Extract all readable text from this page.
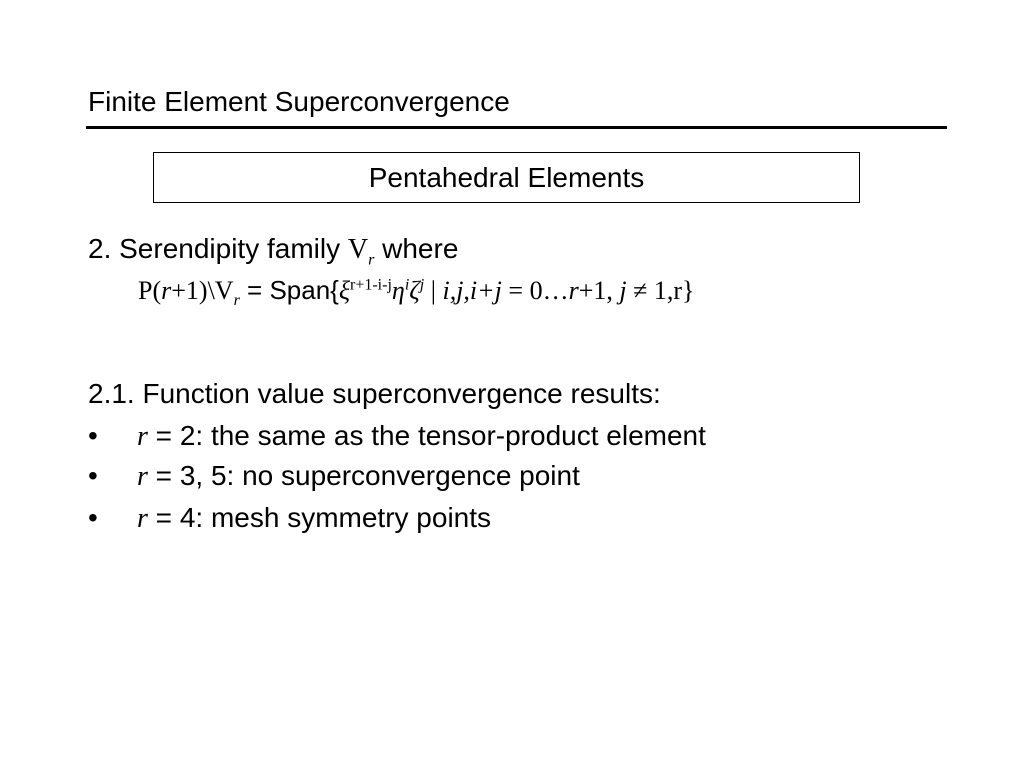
Finite Element Superconvergence
Pentahedral Elements
2. Serendipity family $V_r$ where
$P(r+1)\backslash V_r$ = $Span\{\xi^{r+1-i-j}\eta^i\zeta^j$ | i,j,i+j = 0…r+1, j ≠ 1,r}
2.1. Function value superconvergence results:
• r = 2: the same as the tensor-product element
• r = 3, 5: no superconvergence point
• r = 4: mesh symmetry points
